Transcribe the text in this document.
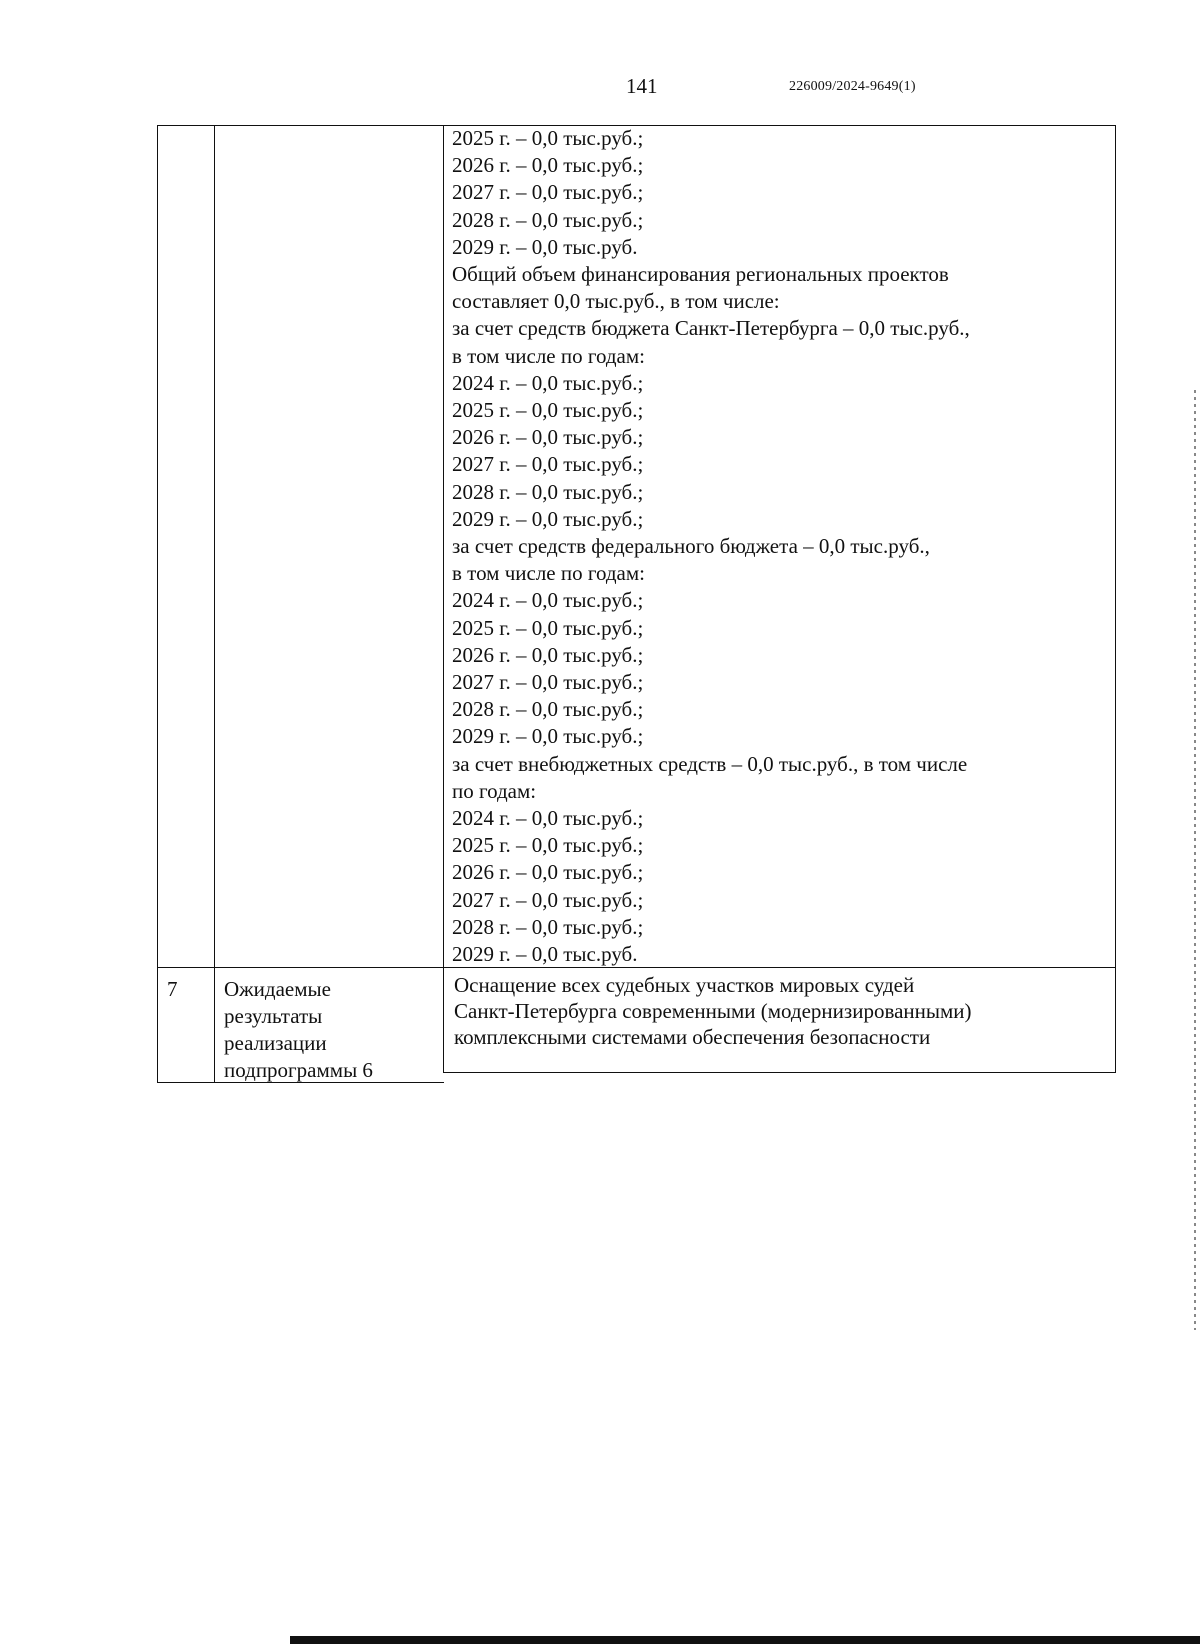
141	226009/2024-9649(1)
2025 г. – 0,0 тыс.руб.;
2026 г. – 0,0 тыс.руб.;
2027 г. – 0,0 тыс.руб.;
2028 г. – 0,0 тыс.руб.;
2029 г. – 0,0 тыс.руб.
Общий объем финансирования региональных проектов
составляет 0,0 тыс.руб., в том числе:
за счет средств бюджета Санкт-Петербурга – 0,0 тыс.руб.,
в том числе по годам:
2024 г. – 0,0 тыс.руб.;
2025 г. – 0,0 тыс.руб.;
2026 г. – 0,0 тыс.руб.;
2027 г. – 0,0 тыс.руб.;
2028 г. – 0,0 тыс.руб.;
2029 г. – 0,0 тыс.руб.;
за счет средств федерального бюджета – 0,0 тыс.руб.,
в том числе по годам:
2024 г. – 0,0 тыс.руб.;
2025 г. – 0,0 тыс.руб.;
2026 г. – 0,0 тыс.руб.;
2027 г. – 0,0 тыс.руб.;
2028 г. – 0,0 тыс.руб.;
2029 г. – 0,0 тыс.руб.;
за счет внебюджетных средств – 0,0 тыс.руб., в том числе
по годам:
2024 г. – 0,0 тыс.руб.;
2025 г. – 0,0 тыс.руб.;
2026 г. – 0,0 тыс.руб.;
2027 г. – 0,0 тыс.руб.;
2028 г. – 0,0 тыс.руб.;
2029 г. – 0,0 тыс.руб.
7 Ожидаемые
результаты
реализации
подпрограммы 6
Оснащение всех судебных участков мировых судей
Санкт-Петербурга современными (модернизированными)
комплексными системами обеспечения безопасности
